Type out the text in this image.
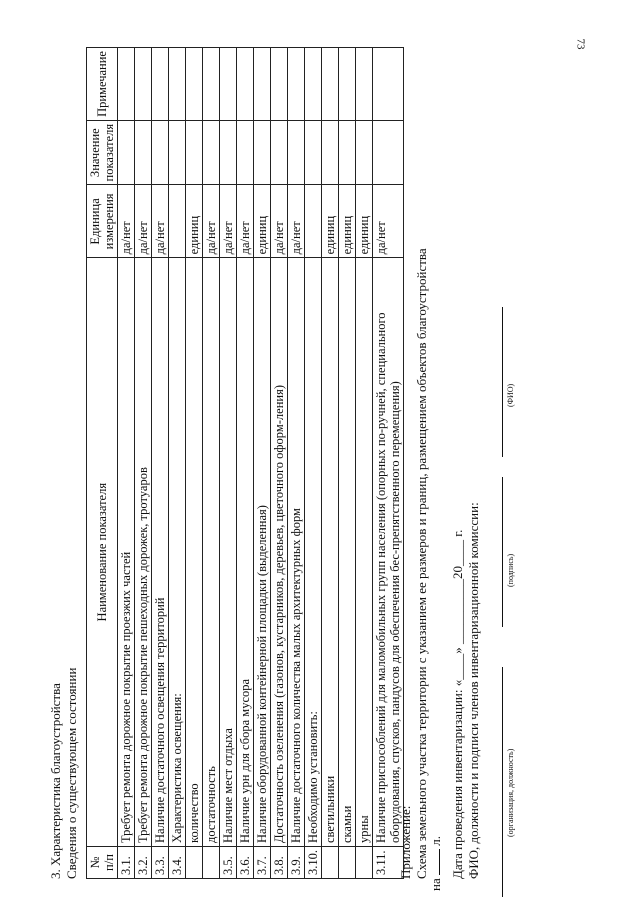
73
3. Характеристика благоустройства Сведения о существующем состоянии № п/п	Наименование показателя	Единица измерения	Значение показателя	Примечание
3.1.	Требует ремонта дорожное покрытие проезжих частей	да/нет		
3.2.	Требует ремонта дорожное покрытие пешеходных дорожек, тротуаров	да/нет		
3.3.	Наличие достаточного освещения территорий	да/нет		
3.4.	Характеристика освещения:			
	количество	единиц		
	достаточность	да/нет		
3.5.	Наличие мест отдыха	да/нет		
3.6.	Наличие урн для сбора мусора	да/нет		
3.7.	Наличие оборудованной контейнерной площадки (выделенная)	единиц		
3.8.	Достаточность озеленения (газонов, кустарников, деревьев, цветочного оформ-ления)	да/нет		
3.9.	Наличие достаточного количества малых архитектурных форм	да/нет		
3.10.	Необходимо установить:			
	светильники	единиц		
	скамьи	единиц		
	урны	единиц		
3.11.	Наличие приспособлений для маломобильных групп населения (опорных по-ручней, специального оборудования, спусков, пандусов для обеспечения бес-препятственного перемещения)	да/нет		
Приложение: Схема земельного участка территории с указанием ее размеров и границ, размещением объектов благоустройства
на  л. Дата проведения инвентаризации: «____» __________20____ г. ФИО, должности и подписи членов инвентаризационной комиссии:	(организация, должность)
(подпись)
(ФИО)
